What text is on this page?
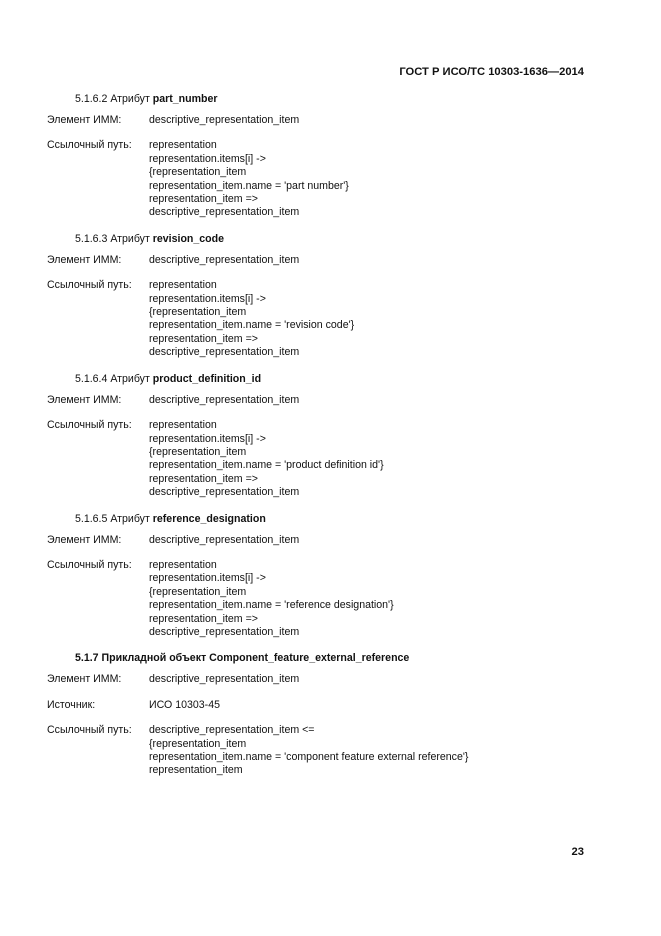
ГОСТ Р ИСО/ТС 10303-1636—2014
5.1.6.2 Атрибут part_number
Элемент ИММ:	descriptive_representation_item
Ссылочный путь:	representation
representation.items[i] ->
{representation_item
representation_item.name = 'part number'}
representation_item =>
descriptive_representation_item
5.1.6.3 Атрибут revision_code
Элемент ИММ:	descriptive_representation_item
Ссылочный путь:	representation
representation.items[i] ->
{representation_item
representation_item.name = 'revision code'}
representation_item =>
descriptive_representation_item
5.1.6.4 Атрибут product_definition_id
Элемент ИММ:	descriptive_representation_item
Ссылочный путь:	representation
representation.items[i] ->
{representation_item
representation_item.name = 'product definition id'}
representation_item =>
descriptive_representation_item
5.1.6.5 Атрибут reference_designation
Элемент ИММ:	descriptive_representation_item
Ссылочный путь:	representation
representation.items[i] ->
{representation_item
representation_item.name = 'reference designation'}
representation_item =>
descriptive_representation_item
5.1.7 Прикладной объект Component_feature_external_reference
Элемент ИММ:	descriptive_representation_item
Источник:	ИСО 10303-45
Ссылочный путь:	descriptive_representation_item <=
{representation_item
representation_item.name = 'component feature external reference'}
representation_item
23
